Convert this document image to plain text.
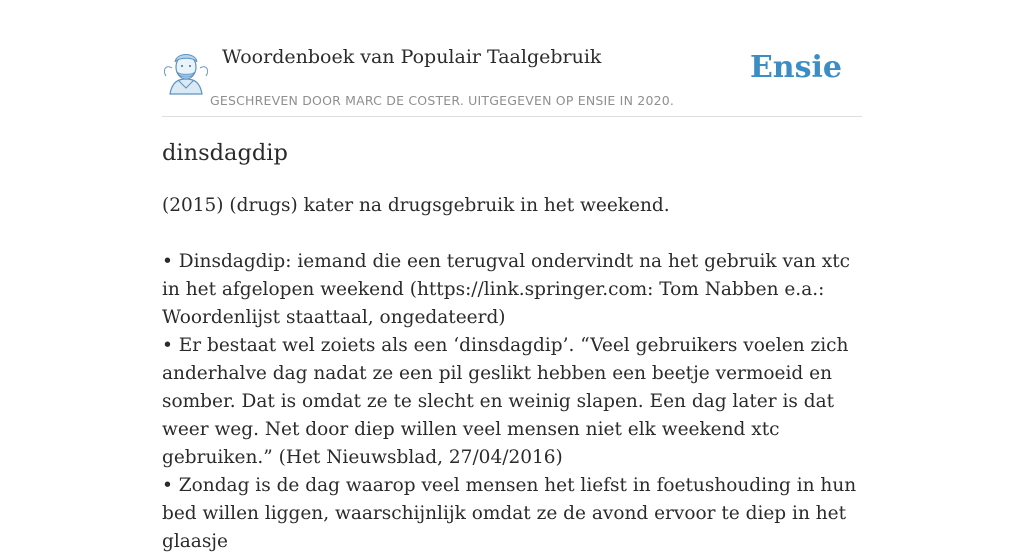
Woordenboek van Populair Taalgebruik
GESCHREVEN DOOR MARC DE COSTER. UITGEGEVEN OP ENSIE IN 2020.
Ensie
dinsdagdip

(2015) (drugs) kater na drugsgebruik in het weekend.

• Dinsdagdip: iemand die een terugval ondervindt na het gebruik van xtc in het afgelopen weekend (https://link.springer.com: Tom Nabben e.a.: Woordenlijst staattaal, ongedateerd)

• Er bestaat wel zoiets als een ‘dinsdagdip’. “Veel gebruikers voelen zich anderhalve dag nadat ze een pil geslikt hebben een beetje vermoeid en somber. Dat is omdat ze te slecht en weinig slapen. Een dag later is dat weer weg. Net door diep willen veel mensen niet elk weekend xtc gebruiken.” (Het Nieuwsblad, 27/04/2016)

• Zondag is de dag waarop veel mensen het liefst in foetushouding in hun bed willen liggen, waarschijnlijk omdat ze de avond ervoor te diep in het glaasje
